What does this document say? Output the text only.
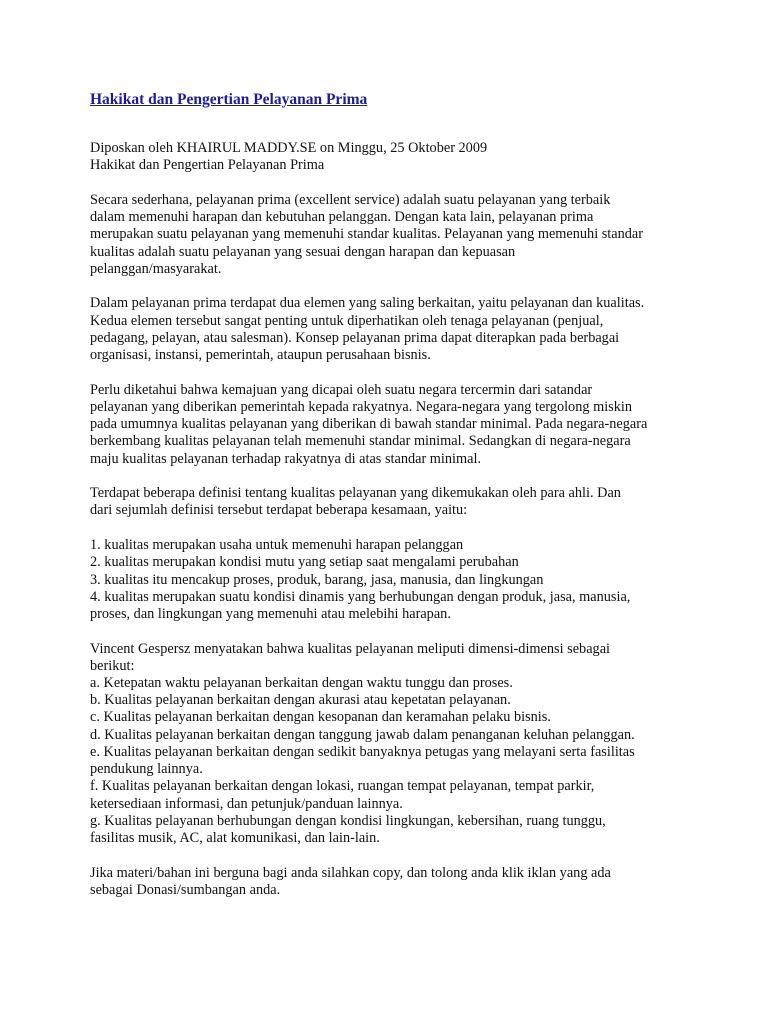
Hakikat dan Pengertian Pelayanan Prima

Diposkan oleh KHAIRUL MADDY.SE on Minggu, 25 Oktober 2009

Hakikat dan Pengertian Pelayanan Prima

Secara sederhana, pelayanan prima (excellent service) adalah suatu pelayanan yang terbaik

dalam memenuhi harapan dan kebutuhan pelanggan. Dengan kata lain, pelayanan prima

merupakan suatu pelayanan yang memenuhi standar kualitas. Pelayanan yang memenuhi standar

kualitas adalah suatu pelayanan yang sesuai dengan harapan dan kepuasan

pelanggan/masyarakat.

Dalam pelayanan prima terdapat dua elemen yang saling berkaitan, yaitu pelayanan dan kualitas.

Kedua elemen tersebut sangat penting untuk diperhatikan oleh tenaga pelayanan (penjual,

pedagang, pelayan, atau salesman). Konsep pelayanan prima dapat diterapkan pada berbagai

organisasi, instansi, pemerintah, ataupun perusahaan bisnis.

Perlu diketahui bahwa kemajuan yang dicapai oleh suatu negara tercermin dari satandar

pelayanan yang diberikan pemerintah kepada rakyatnya. Negara-negara yang tergolong miskin

pada umumnya kualitas pelayanan yang diberikan di bawah standar minimal. Pada negara-negara

berkembang kualitas pelayanan telah memenuhi standar minimal. Sedangkan di negara-negara

maju kualitas pelayanan terhadap rakyatnya di atas standar minimal.

Terdapat beberapa definisi tentang kualitas pelayanan yang dikemukakan oleh para ahli. Dan

dari sejumlah definisi tersebut terdapat beberapa kesamaan, yaitu:

1. kualitas merupakan usaha untuk memenuhi harapan pelanggan

2. kualitas merupakan kondisi mutu yang setiap saat mengalami perubahan

3. kualitas itu mencakup proses, produk, barang, jasa, manusia, dan lingkungan

4. kualitas merupakan suatu kondisi dinamis yang berhubungan dengan produk, jasa, manusia,

proses, dan lingkungan yang memenuhi atau melebihi harapan.

Vincent Gespersz menyatakan bahwa kualitas pelayanan meliputi dimensi-dimensi sebagai

berikut:

a. Ketepatan waktu pelayanan berkaitan dengan waktu tunggu dan proses.

b. Kualitas pelayanan berkaitan dengan akurasi atau kepetatan pelayanan.

c. Kualitas pelayanan berkaitan dengan kesopanan dan keramahan pelaku bisnis.

d. Kualitas pelayanan berkaitan dengan tanggung jawab dalam penanganan keluhan pelanggan.

e. Kualitas pelayanan berkaitan dengan sedikit banyaknya petugas yang melayani serta fasilitas

pendukung lainnya.

f. Kualitas pelayanan berkaitan dengan lokasi, ruangan tempat pelayanan, tempat parkir,

ketersediaan informasi, dan petunjuk/panduan lainnya.

g. Kualitas pelayanan berhubungan dengan kondisi lingkungan, kebersihan, ruang tunggu,

fasilitas musik, AC, alat komunikasi, dan lain-lain.

Jika materi/bahan ini berguna bagi anda silahkan copy, dan tolong anda klik iklan yang ada

sebagai Donasi/sumbangan anda.
